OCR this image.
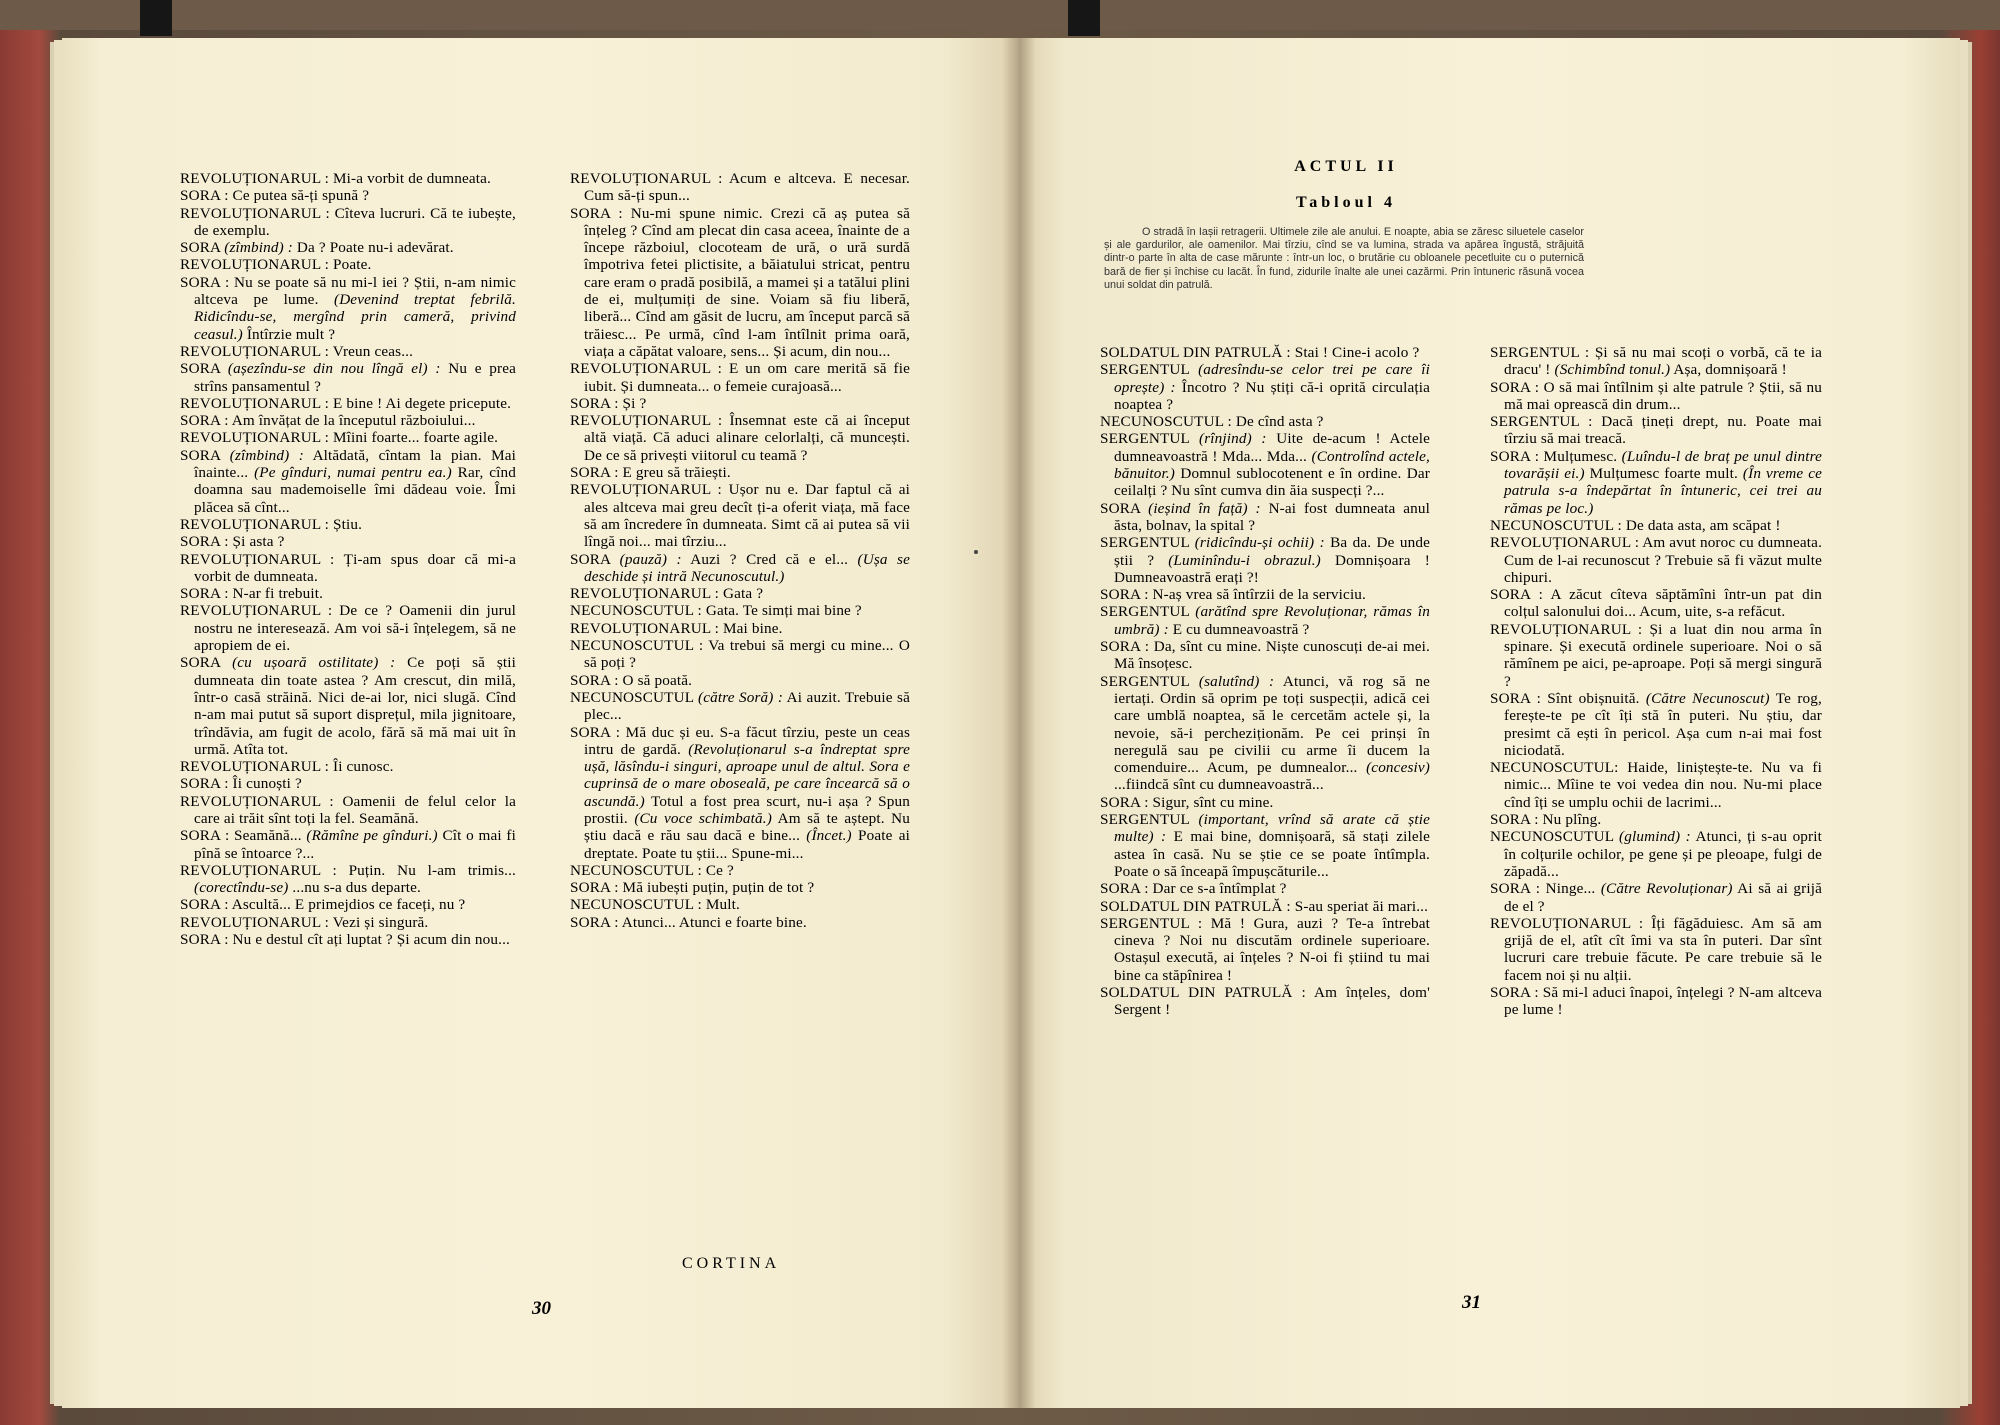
REVOLUȚIONARUL : Mi-a vorbit de dumneata.

SORA : Ce putea să-ți spună ?

REVOLUȚIONARUL : Cîteva lucruri. Că te iubește, de exemplu.

SORA (zîmbind) : Da ? Poate nu-i adevărat.

REVOLUȚIONARUL : Poate.

SORA : Nu se poate să nu mi-l iei ? Știi, n-am nimic altceva pe lume. (Devenind treptat febrilă. Ridicîndu-se, mergînd prin cameră, privind ceasul.) Întîrzie mult ?

REVOLUȚIONARUL : Vreun ceas...

SORA (așezîndu-se din nou lîngă el) : Nu e prea strîns pansamentul ?

REVOLUȚIONARUL : E bine ! Ai degete pricepute.

SORA : Am învățat de la începutul războiului...

REVOLUȚIONARUL : Mîini foarte... foarte agile.

SORA (zîmbind) : Altădată, cîntam la pian. Mai înainte... (Pe gînduri, numai pentru ea.) Rar, cînd doamna sau mademoiselle îmi dădeau voie. Îmi plăcea să cînt...

REVOLUȚIONARUL : Știu.

SORA : Și asta ?

REVOLUȚIONARUL : Ți-am spus doar că mi-a vorbit de dumneata.

SORA : N-ar fi trebuit.

REVOLUȚIONARUL : De ce ? Oamenii din jurul nostru ne interesează. Am voi să-i înțelegem, să ne apropiem de ei.

SORA (cu ușoară ostilitate) : Ce poți să știi dumneata din toate astea ? Am crescut, din milă, într-o casă străină. Nici de-ai lor, nici slugă. Cînd n-am mai putut să suport disprețul, mila jignitoare, trîndăvia, am fugit de acolo, fără să mă mai uit în urmă. Atîta tot.

REVOLUȚIONARUL : Îi cunosc.

SORA : Îi cunoști ?

REVOLUȚIONARUL : Oamenii de felul celor la care ai trăit sînt toți la fel. Seamănă.

SORA : Seamănă... (Rămîne pe gînduri.) Cît o mai fi pînă se întoarce ?...

REVOLUȚIONARUL : Puțin. Nu l-am trimis... (corectîndu-se) ...nu s-a dus departe.

SORA : Ascultă... E primejdios ce faceți, nu ?

REVOLUȚIONARUL : Vezi și singură.

SORA : Nu e destul cît ați luptat ? Și acum din nou...

REVOLUȚIONARUL : Acum e altceva. E necesar. Cum să-ți spun...

SORA : Nu-mi spune nimic. Crezi că aș putea să înțeleg ? Cînd am plecat din casa aceea, înainte de a începe războiul, clocoteam de ură, o ură surdă împotriva fetei plictisite, a băiatului stricat, pentru care eram o pradă posibilă, a mamei și a tatălui plini de ei, mulțumiți de sine. Voiam să fiu liberă, liberă... Cînd am găsit de lucru, am început parcă să trăiesc... Pe urmă, cînd l-am întîlnit prima oară, viața a căpătat valoare, sens... Și acum, din nou...

REVOLUȚIONARUL : E un om care merită să fie iubit. Și dumneata... o femeie curajoasă...

SORA : Și ?

REVOLUȚIONARUL : Însemnat este că ai început altă viață. Că aduci alinare celorlalți, că muncești. De ce să privești viitorul cu teamă ?

SORA : E greu să trăiești.

REVOLUȚIONARUL : Ușor nu e. Dar faptul că ai ales altceva mai greu decît ți-a oferit viața, mă face să am încredere în dumneata. Simt că ai putea să vii lîngă noi... mai tîrziu...

SORA (pauză) : Auzi ? Cred că e el... (Ușa se deschide și intră Necunoscutul.)

REVOLUȚIONARUL : Gata ?

NECUNOSCUTUL : Gata. Te simți mai bine ?

REVOLUȚIONARUL : Mai bine.

NECUNOSCUTUL : Va trebui să mergi cu mine... O să poți ?

SORA : O să poată.

NECUNOSCUTUL (către Soră) : Ai auzit. Trebuie să plec...

SORA : Mă duc și eu. S-a făcut tîrziu, peste un ceas intru de gardă. (Revoluționarul s-a îndreptat spre ușă, lăsîndu-i singuri, aproape unul de altul. Sora e cuprinsă de o mare oboseală, pe care încearcă să o ascundă.) Totul a fost prea scurt, nu-i așa ? Spun prostii. (Cu voce schimbată.) Am să te aștept. Nu știu dacă e rău sau dacă e bine... (Încet.) Poate ai dreptate. Poate tu știi... Spune-mi...

NECUNOSCUTUL : Ce ?

SORA : Mă iubești puțin, puțin de tot ?

NECUNOSCUTUL : Mult.

SORA : Atunci... Atunci e foarte bine.

CORTINA
30
ACTUL II
Tabloul 4
O stradă în Iașii retragerii. Ultimele zile ale anului. E noapte, abia se zăresc siluetele caselor și ale gardurilor, ale oamenilor. Mai tîrziu, cînd se va lumina, strada va apărea îngustă, străjuită dintr-o parte în alta de case mărunte : într-un loc, o brutărie cu obloanele pecetluite cu o puternică bară de fier și închise cu lacăt. În fund, zidurile înalte ale unei cazărmi. Prin întuneric răsună vocea unui soldat din patrulă.

SOLDATUL DIN PATRULĂ : Stai ! Cine-i acolo ?

SERGENTUL (adresîndu-se celor trei pe care îi oprește) : Încotro ? Nu știți că-i oprită circulația noaptea ?

NECUNOSCUTUL : De cînd asta ?

SERGENTUL (rînjind) : Uite de-acum ! Actele dumneavoastră ! Mda... Mda... (Controlînd actele, bănuitor.) Domnul sublocotenent e în ordine. Dar ceilalți ? Nu sînt cumva din ăia suspecți ?...

SORA (ieșind în față) : N-ai fost dumneata anul ăsta, bolnav, la spital ?

SERGENTUL (ridicîndu-și ochii) : Ba da. De unde știi ? (Luminîndu-i obrazul.) Domnișoara ! Dumneavoastră erați ?!

SORA : N-aș vrea să întîrzii de la serviciu.

SERGENTUL (arătînd spre Revoluționar, rămas în umbră) : E cu dumneavoastră ?

SORA : Da, sînt cu mine. Niște cunoscuți de-ai mei. Mă însoțesc.

SERGENTUL (salutînd) : Atunci, vă rog să ne iertați. Ordin să oprim pe toți suspecții, adică cei care umblă noaptea, să le cercetăm actele și, la nevoie, să-i percheziționăm. Pe cei prinși în neregulă sau pe civilii cu arme îi ducem la comenduire... Acum, pe dumnealor... (concesiv) ...fiindcă sînt cu dumneavoastră...

SORA : Sigur, sînt cu mine.

SERGENTUL (important, vrînd să arate că știe multe) : E mai bine, domnișoară, să stați zilele astea în casă. Nu se știe ce se poate întîmpla. Poate o să înceapă împușcăturile...

SORA : Dar ce s-a întîmplat ?

SOLDATUL DIN PATRULĂ : S-au speriat ăi mari...

SERGENTUL : Mă ! Gura, auzi ? Te-a întrebat cineva ? Noi nu discutăm ordinele superioare. Ostașul execută, ai înțeles ? N-oi fi știind tu mai bine ca stăpînirea !

SOLDATUL DIN PATRULĂ : Am înțeles, dom' Sergent !

SERGENTUL : Și să nu mai scoți o vorbă, că te ia dracu' ! (Schimbînd tonul.) Așa, domnișoară !

SORA : O să mai întîlnim și alte patrule ? Știi, să nu mă mai oprească din drum...

SERGENTUL : Dacă țineți drept, nu. Poate mai tîrziu să mai treacă.

SORA : Mulțumesc. (Luîndu-l de braț pe unul dintre tovarășii ei.) Mulțumesc foarte mult. (În vreme ce patrula s-a îndepărtat în întuneric, cei trei au rămas pe loc.)

NECUNOSCUTUL : De data asta, am scăpat !

REVOLUȚIONARUL : Am avut noroc cu dumneata. Cum de l-ai recunoscut ? Trebuie să fi văzut multe chipuri.

SORA : A zăcut cîteva săptămîni într-un pat din colțul salonului doi... Acum, uite, s-a refăcut.

REVOLUȚIONARUL : Și a luat din nou arma în spinare. Și execută ordinele superioare. Noi o să rămînem pe aici, pe-aproape. Poți să mergi singură ?

SORA : Sînt obișnuită. (Către Necunoscut) Te rog, ferește-te pe cît îți stă în puteri. Nu știu, dar presimt că ești în pericol. Așa cum n-ai mai fost niciodată.

NECUNOSCUTUL: Haide, liniștește-te. Nu va fi nimic... Mîine te voi vedea din nou. Nu-mi place cînd îți se umplu ochii de lacrimi...

SORA : Nu plîng.

NECUNOSCUTUL (glumind) : Atunci, ți s-au oprit în colțurile ochilor, pe gene și pe pleoape, fulgi de zăpadă...

SORA : Ninge... (Către Revoluționar) Ai să ai grijă de el ?

REVOLUȚIONARUL : Îți făgăduiesc. Am să am grijă de el, atît cît îmi va sta în puteri. Dar sînt lucruri care trebuie făcute. Pe care trebuie să le facem noi și nu alții.

SORA : Să mi-l aduci înapoi, înțelegi ? N-am altceva pe lume !

31
